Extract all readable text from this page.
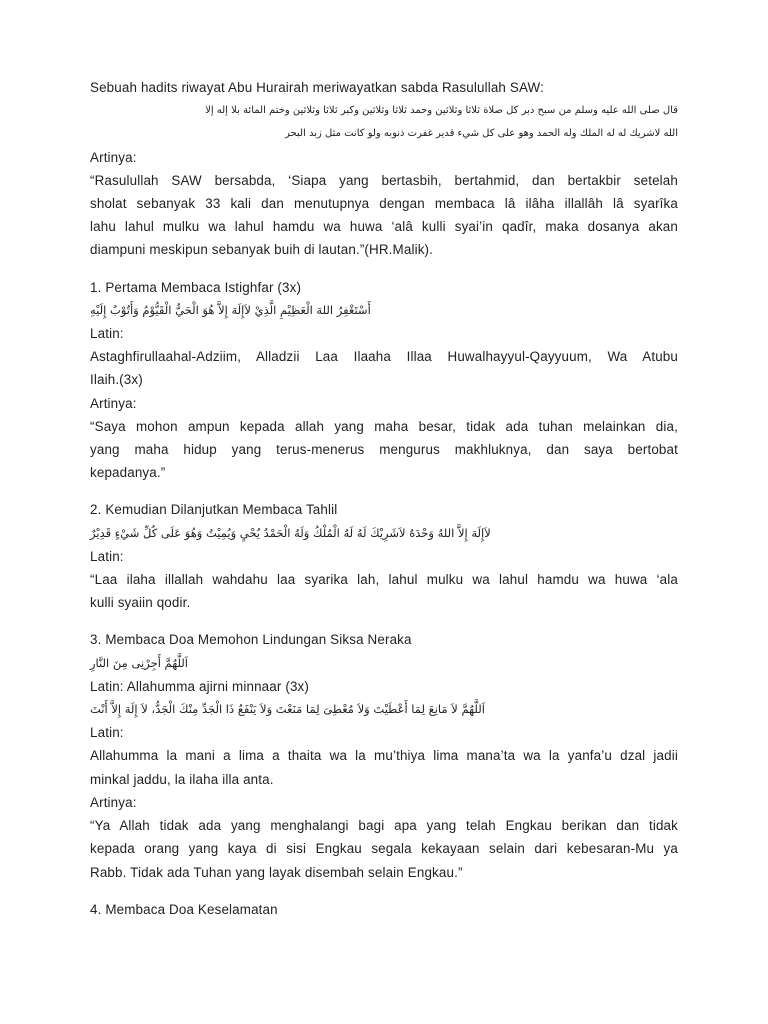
Sebuah hadits riwayat Abu Hurairah meriwayatkan sabda Rasulullah SAW:
قال صلى الله عليه وسلم من سبح دبر كل صلاة ثلاثا وثلاثين وحمد ثلاثا وثلاثين وكبر ثلاثا وثلاثين وختم المائة بلا إله إلا
الله لاشريك له له الملك وله الحمد وهو على كل شيء قدير غفرت ذنوبه ولو كانت مثل زبد البحر
Artinya:
“Rasulullah SAW bersabda, ‘Siapa yang bertasbih, bertahmid, dan bertakbir setelah
sholat sebanyak 33 kali dan menutupnya dengan membaca lâ ilâha illallâh lâ syarîka
lahu lahul mulku wa lahul hamdu wa huwa ‘alâ kulli syai’in qadîr, maka dosanya akan
diampuni meskipun sebanyak buih di lautan.”(HR.Malik).
1. Pertama Membaca Istighfar (3x)
أَسْتَغْفِرُ اللهَ الْعَظِيْمِ الَّذِيْ لاَإِلَهَ إِلاَّ هُوَ الْحَيُّ الْقَيُّوْمُ وَأَتُوْبُ إِلَيْهِ
Latin:
Astaghfirullaahal-Adziim, Alladzii Laa Ilaaha Illaa Huwalhayyul-Qayyuum, Wa Atubu
Ilaih.(3x)
Artinya:
“Saya mohon ampun kepada allah yang maha besar, tidak ada tuhan melainkan dia,
yang maha hidup yang terus-menerus mengurus makhluknya, dan saya bertobat
kepadanya.”
2. Kemudian Dilanjutkan Membaca Tahlil
لاَإِلَهَ إِلاَّ اللهُ وَحْدَهُ لاَشَرِيْكَ لَهُ لَهُ الْمُلْكُ وَلَهُ الْحَمْدُ يُحْيِ وَيُمِيْتُ وَهُوَ عَلَى كُلِّ شَيْءٍ قَدِيْرٌ
Latin:
“Laa ilaha illallah wahdahu laa syarika lah, lahul mulku wa lahul hamdu wa huwa ‘ala
kulli syaiin qodir.
3. Membaca Doa Memohon Lindungan Siksa Neraka
اَللَّهُمَّ أَجِرْنِى مِنَ النَّارِ
Latin: Allahumma ajirni minnaar (3x)
اَللَّهُمَّ لاَ مَانِعَ لِمَا أَعْطَيْتَ وَلاَ مُعْطِىَ لِمَا مَنَعْتَ وَلاَ يَنْفَعُ ذَا الْجَدِّ مِنْكَ الْجَدُّ، لاَ إِلَهَ إِلاَّ أَنْتَ
Latin:
Allahumma la mani a lima a thaita wa la mu’thiya lima mana’ta wa la yanfa’u dzal jadii
minkal jaddu, la ilaha illa anta.
Artinya:
“Ya Allah tidak ada yang menghalangi bagi apa yang telah Engkau berikan dan tidak
kepada orang yang kaya di sisi Engkau segala kekayaan selain dari kebesaran-Mu ya
Rabb. Tidak ada Tuhan yang layak disembah selain Engkau.”
4. Membaca Doa Keselamatan
